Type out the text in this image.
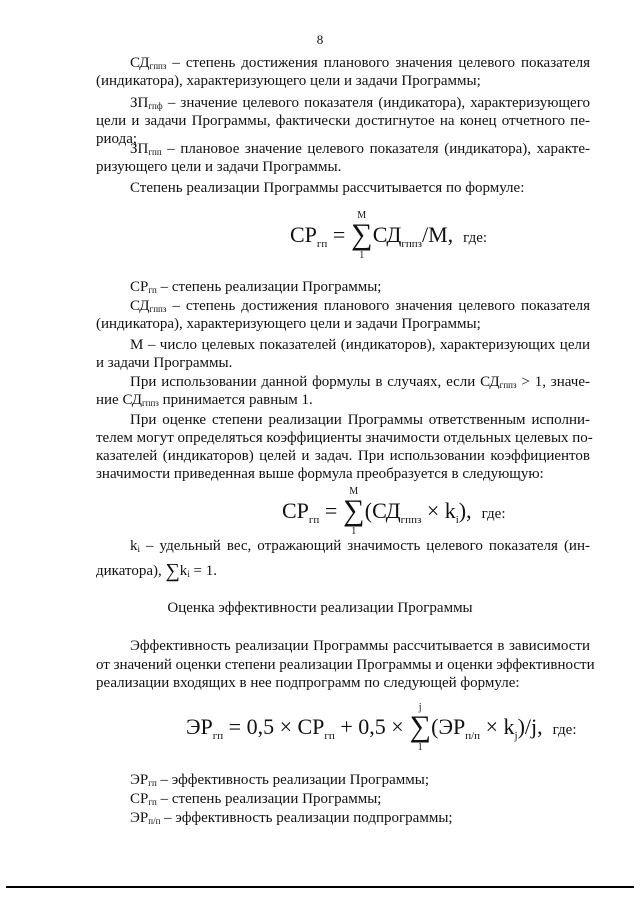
8
$СД_{гппз}$ – степень достижения планового значения целевого показателя
(индикатора), характеризующего цели и задачи Программы;
$ЗП_{гпф}$ – значение целевого показателя (индикатора), характеризующего
цели и задачи Программы, фактически достигнутое на конец отчетного пе-
риода;
$ЗП_{гпп}$ – плановое значение целевого показателя (индикатора), характе-
ризующего цели и задачи Программы.
Степень реализации Программы рассчитывается по формуле:
$СР_{гп}$ =
M
∑
1
$СД_{гппз}/М$, где:
$СР_{гп}$ – степень реализации Программы;
$СД_{гппз}$ – степень достижения планового значения целевого показателя
(индикатора), характеризующего цели и задачи Программы;
М – число целевых показателей (индикаторов), характеризующих цели
и задачи Программы.
При использовании данной формулы в случаях, если $СД_{гппз} > 1$, значе-
ние $СД_{гппз}$ принимается равным 1.
При оценке степени реализации Программы ответственным исполни-
телем могут определяться коэффициенты значимости отдельных целевых по-
казателей (индикаторов) целей и задач. При использовании коэффициентов
значимости приведенная выше формула преобразуется в следующую:
$СР_{гп}$ =
M
∑
1
$(СД_{гппз} \times k_i)$, где:
$k_i$ – удельный вес, отражающий значимость целевого показателя (ин-
дикатора), $\sum k_i = 1$.
Оценка эффективности реализации Программы
Эффективность реализации Программы рассчитывается в зависимости
от значений оценки степени реализации Программы и оценки эффективности
реализации входящих в нее подпрограмм по следующей формуле:
$ЭР_{гп} = 0,5 \times СР_{гп} + 0,5$ ×
j
∑
1
$(ЭР_{п/п} \times k_j)/j$, где:
$ЭР_{гп}$ – эффективность реализации Программы;
$СР_{гп}$ – степень реализации Программы;
$ЭР_{п/п}$ – эффективность реализации подпрограммы;
